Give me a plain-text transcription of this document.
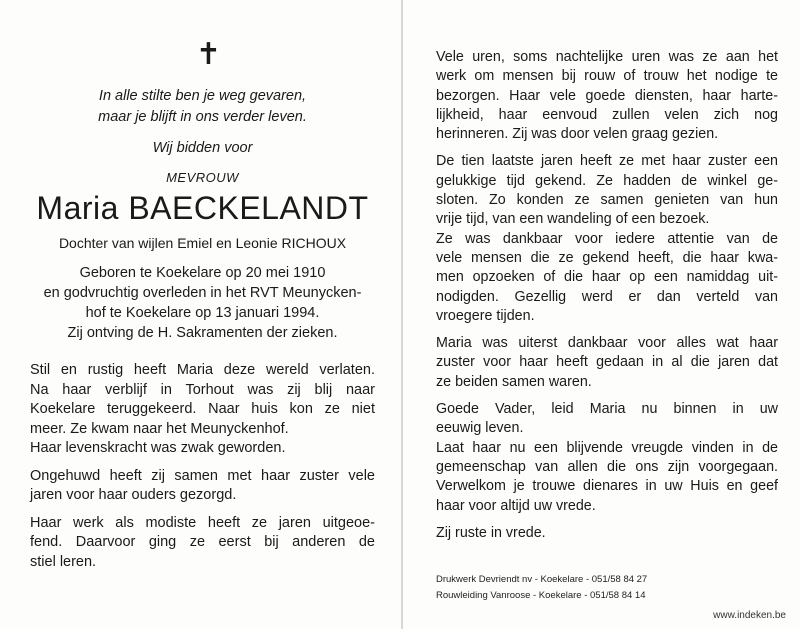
✝
In alle stilte ben je weg gevaren,
maar je blijft in ons verder leven.
Wij bidden voor
MEVROUW
Maria BAECKELANDT
Dochter van wijlen Emiel en Leonie RICHOUX
Geboren te Koekelare op 20 mei 1910
en godvruchtig overleden in het RVT Meunycken-
hof te Koekelare op 13 januari 1994.
Zij ontving de H. Sakramenten der zieken.
Stil en rustig heeft Maria deze wereld verlaten.
Na haar verblijf in Torhout was zij blij naar
Koekelare teruggekeerd. Naar huis kon ze niet
meer. Ze kwam naar het Meunyckenhof.
Haar levenskracht was zwak geworden.
Ongehuwd heeft zij samen met haar zuster vele
jaren voor haar ouders gezorgd.
Haar werk als modiste heeft ze jaren uitgeoe-
fend. Daarvoor ging ze eerst bij anderen de
stiel leren.
Vele uren, soms nachtelijke uren was ze aan het
werk om mensen bij rouw of trouw het nodige te
bezorgen. Haar vele goede diensten, haar harte-
lijkheid, haar eenvoud zullen velen zich nog
herinneren. Zij was door velen graag gezien.
De tien laatste jaren heeft ze met haar zuster een
gelukkige tijd gekend. Ze hadden de winkel ge-
sloten. Zo konden ze samen genieten van hun
vrije tijd, van een wandeling of een bezoek.
Ze was dankbaar voor iedere attentie van de
vele mensen die ze gekend heeft, die haar kwa-
men opzoeken of die haar op een namiddag uit-
nodigden. Gezellig werd er dan verteld van
vroegere tijden.
Maria was uiterst dankbaar voor alles wat haar
zuster voor haar heeft gedaan in al die jaren dat
ze beiden samen waren.
Goede Vader, leid Maria nu binnen in uw
eeuwig leven.
Laat haar nu een blijvende vreugde vinden in de
gemeenschap van allen die ons zijn voorgegaan.
Verwelkom je trouwe dienares in uw Huis en geef
haar voor altijd uw vrede.
Zij ruste in vrede.
Drukwerk Devriendt nv - Koekelare - 051/58 84 27
Rouwleiding Vanroose - Koekelare - 051/58 84 14
www.indeken.be
